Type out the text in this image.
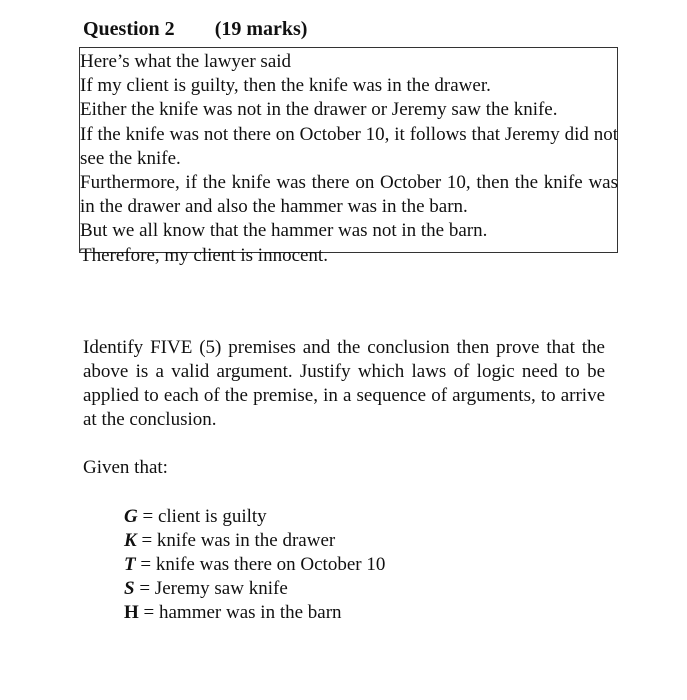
Question 2 (19 marks)
Here’s what the lawyer said
If my client is guilty, then the knife was in the drawer.
Either the knife was not in the drawer or Jeremy saw the knife.
If the knife was not there on October 10, it follows that Jeremy did not see the knife.
Furthermore, if the knife was there on October 10, then the knife was in the drawer and also the hammer was in the barn.
But we all know that the hammer was not in the barn.
Therefore, my client is innocent.
Identify FIVE (5) premises and the conclusion then prove that the above is a valid argument. Justify which laws of logic need to be applied to each of the premise, in a sequence of arguments, to arrive at the conclusion.
Given that:
G = client is guilty
K = knife was in the drawer
T = knife was there on October 10
S = Jeremy saw knife
H = hammer was in the barn
